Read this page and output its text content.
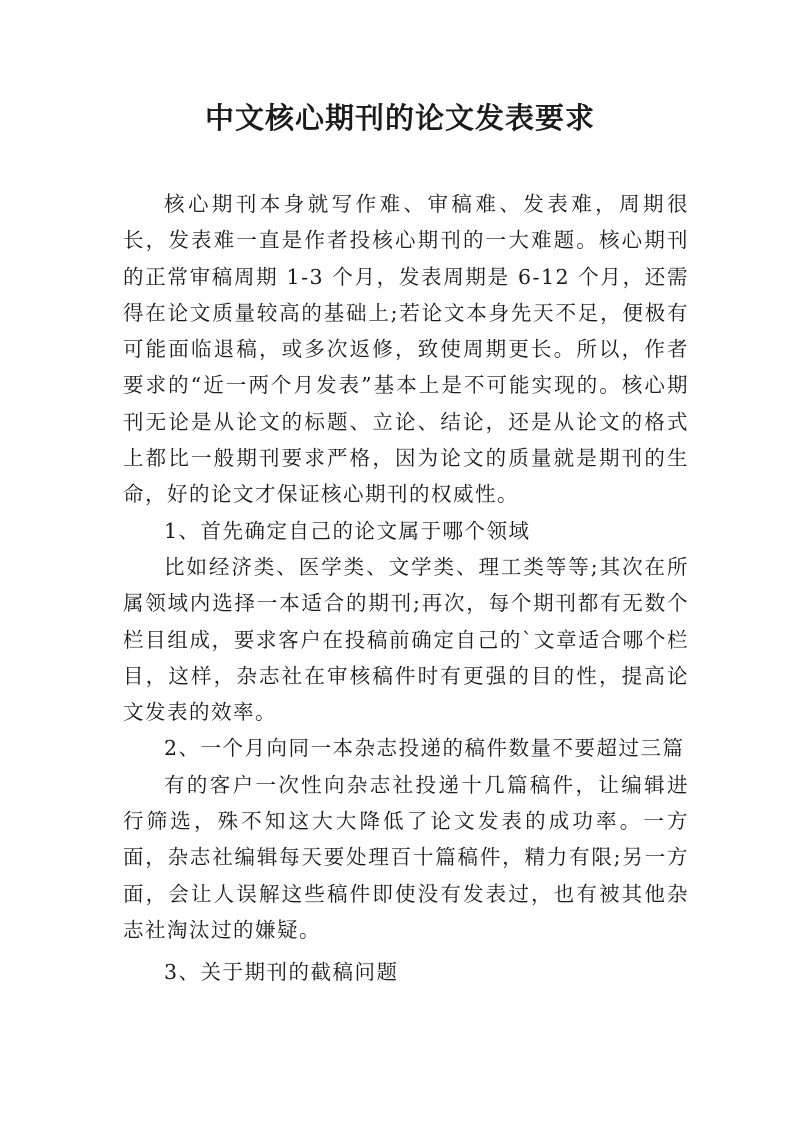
中文核心期刊的论文发表要求

核心期刊本身就写作难、审稿难、发表难，周期很长，发表难一直是作者投核心期刊的一大难题。核心期刊的正常审稿周期 1-3 个月，发表周期是 6-12 个月，还需得在论文质量较高的基础上;若论文本身先天不足，便极有可能面临退稿，或多次返修，致使周期更长。所以，作者要求的“近一两个月发表”基本上是不可能实现的。核心期刊无论是从论文的标题、立论、结论，还是从论文的格式上都比一般期刊要求严格，因为论文的质量就是期刊的生命，好的论文才保证核心期刊的权威性。

1、首先确定自己的论文属于哪个领域

比如经济类、医学类、文学类、理工类等等;其次在所属领域内选择一本适合的期刊;再次，每个期刊都有无数个栏目组成，要求客户在投稿前确定自己的`文章适合哪个栏目，这样，杂志社在审核稿件时有更强的目的性，提高论文发表的效率。

2、一个月向同一本杂志投递的稿件数量不要超过三篇

有的客户一次性向杂志社投递十几篇稿件，让编辑进行筛选，殊不知这大大降低了论文发表的成功率。一方面，杂志社编辑每天要处理百十篇稿件，精力有限;另一方面，会让人误解这些稿件即使没有发表过，也有被其他杂志社淘汰过的嫌疑。

3、关于期刊的截稿问题
